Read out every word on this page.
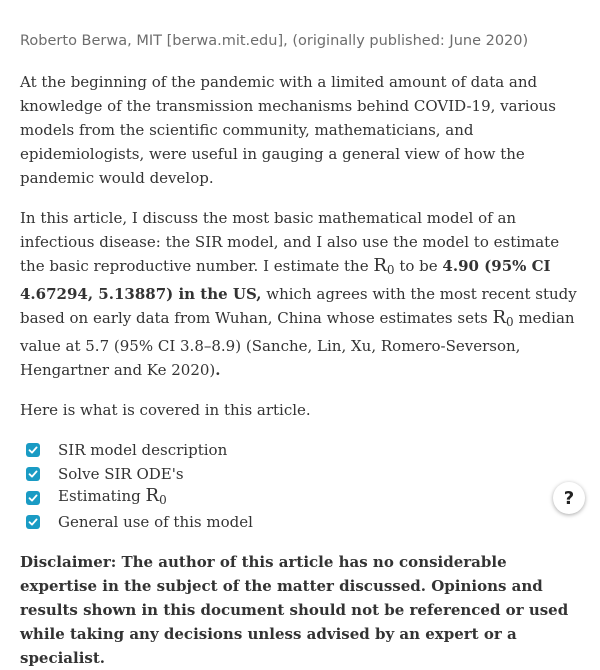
Roberto Berwa, MIT [berwa.mit.edu], (originally published: June 2020)

At the beginning of the pandemic with a limited amount of data and knowledge of the transmission mechanisms behind COVID-19, various models from the scientific community, mathematicians, and epidemiologists, were useful in gauging a general view of how the pandemic would develop.

In this article, I discuss the most basic mathematical model of an infectious disease: the SIR model, and I also use the model to estimate the basic reproductive number. I estimate the $R_0$ to be 4.90 (95% CI 4.67294, 5.13887) in the US, which agrees with the most recent study based on early data from Wuhan, China whose estimates sets $R_0$ median value at 5.7 (95% CI 3.8–8.9) (Sanche, Lin, Xu, Romero-Severson, Hengartner and Ke 2020).

Here is what is covered in this article.

SIR model description
Solve SIR ODE's
Estimating $R_0$
General use of this model

Disclaimer: The author of this article has no considerable expertise in the subject of the matter discussed. Opinions and results shown in this document should not be referenced or used while taking any decisions unless advised by an expert or a specialist.

?
